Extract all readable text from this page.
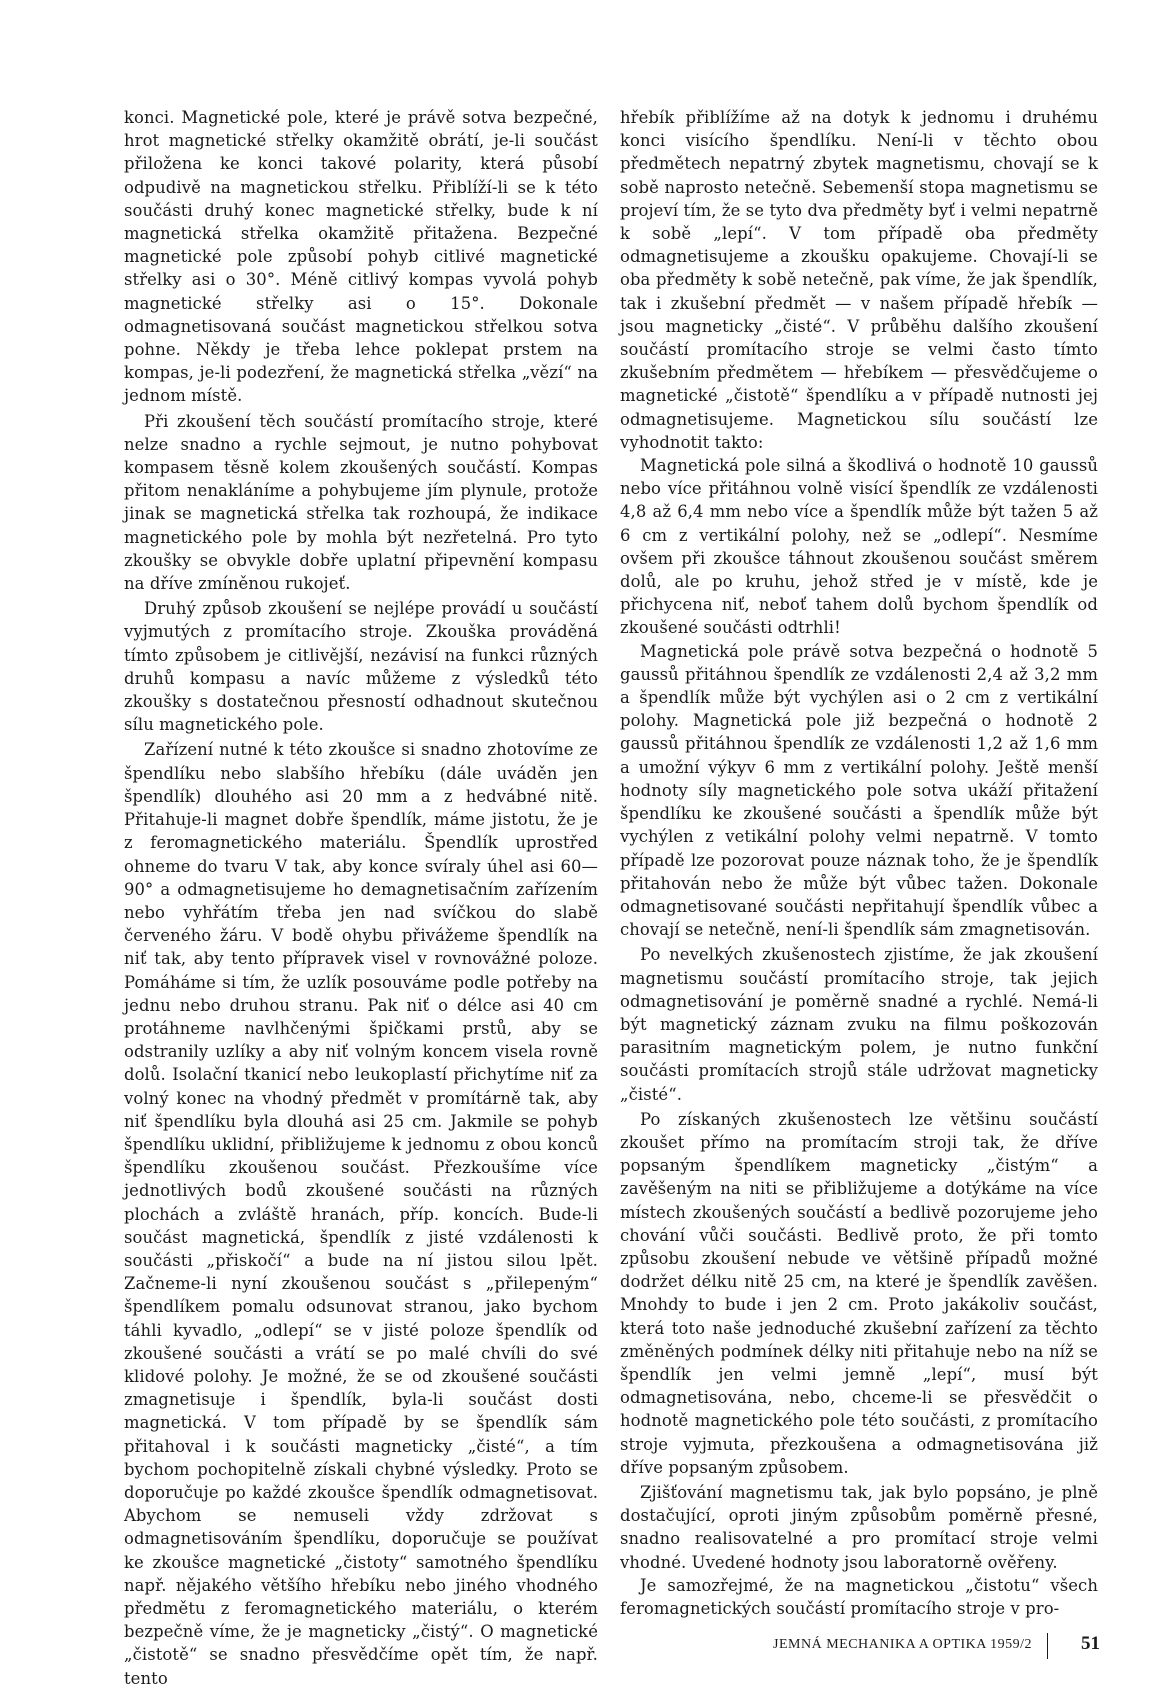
konci. Magnetické pole, které je právě sotva bezpečné, hrot magnetické střelky okamžitě obrátí, je-li součást přiložena ke konci takové polarity, která působí odpudivě na magnetickou střelku. Přiblíží-li se k této součásti druhý konec magnetické střelky, bude k ní magnetická střelka okamžitě přitažena. Bezpečné magnetické pole způsobí pohyb citlivé magnetické střelky asi o 30°. Méně citlivý kompas vyvolá pohyb magnetické střelky asi o 15°. Dokonale odmagnetisovaná součást magnetickou střelkou sotva pohne. Někdy je třeba lehce poklepat prstem na kompas, je-li podezření, že magnetická střelka „vězí“ na jednom místě.

Při zkoušení těch součástí promítacího stroje, které nelze snadno a rychle sejmout, je nutno pohybovat kompasem těsně kolem zkoušených součástí. Kompas přitom nenakláníme a pohybujeme jím plynule, protože jinak se magnetická střelka tak rozhoupá, že indikace magnetického pole by mohla být nezřetelná. Pro tyto zkoušky se obvykle dobře uplatní připevnění kompasu na dříve zmíněnou rukojeť.

Druhý způsob zkoušení se nejlépe provádí u součástí vyjmutých z promítacího stroje. Zkouška prováděná tímto způsobem je citlivější, nezávisí na funkci různých druhů kompasu a navíc můžeme z výsledků této zkoušky s dostatečnou přesností odhadnout skutečnou sílu magnetického pole.

Zařízení nutné k této zkoušce si snadno zhotovíme ze špendlíku nebo slabšího hřebíku (dále uváděn jen špendlík) dlouhého asi 20 mm a z hedvábné nitě. Přitahuje-li magnet dobře špendlík, máme jistotu, že je z feromagnetického materiálu. Špendlík uprostřed ohneme do tvaru V tak, aby konce svíraly úhel asi 60—90° a odmagnetisujeme ho demagnetisačním zařízením nebo vyhřátím třeba jen nad svíčkou do slabě červeného žáru. V bodě ohybu přivážeme špendlík na niť tak, aby tento přípravek visel v rovnovážné poloze. Pomáháme si tím, že uzlík posouváme podle potřeby na jednu nebo druhou stranu. Pak niť o délce asi 40 cm protáhneme navlhčenými špičkami prstů, aby se odstranily uzlíky a aby niť volným koncem visela rovně dolů. Isolační tkanicí nebo leukoplastí přichytíme niť za volný konec na vhodný předmět v promítárně tak, aby niť špendlíku byla dlouhá asi 25 cm. Jakmile se pohyb špendlíku uklidní, přibližujeme k jednomu z obou konců špendlíku zkoušenou součást. Přezkoušíme více jednotlivých bodů zkoušené součásti na různých plochách a zvláště hranách, příp. koncích. Bude-li součást magnetická, špendlík z jisté vzdálenosti k součásti „přiskočí“ a bude na ní jistou silou lpět. Začneme-li nyní zkoušenou součást s „přilepeným“ špendlíkem pomalu odsunovat stranou, jako bychom táhli kyvadlo, „odlepí“ se v jisté poloze špendlík od zkoušené součásti a vrátí se po malé chvíli do své klidové polohy. Je možné, že se od zkoušené součásti zmagnetisuje i špendlík, byla-li součást dosti magnetická. V tom případě by se špendlík sám přitahoval i k součásti magneticky „čisté“, a tím bychom pochopitelně získali chybné výsledky. Proto se doporučuje po každé zkoušce špendlík odmagnetisovat. Abychom se nemuseli vždy zdržovat s odmagnetisováním špendlíku, doporučuje se používat ke zkoušce magnetické „čistoty“ samotného špendlíku např. nějakého většího hřebíku nebo jiného vhodného předmětu z feromagnetického materiálu, o kterém bezpečně víme, že je magneticky „čistý“. O magnetické „čistotě“ se snadno přesvědčíme opět tím, že např. tento

hřebík přiblížíme až na dotyk k jednomu i druhému konci visícího špendlíku. Není-li v těchto obou předmětech nepatrný zbytek magnetismu, chovají se k sobě naprosto netečně. Sebemenší stopa magnetismu se projeví tím, že se tyto dva předměty byť i velmi nepatrně k sobě „lepí“. V tom případě oba předměty odmagnetisujeme a zkoušku opakujeme. Chovají-li se oba předměty k sobě netečně, pak víme, že jak špendlík, tak i zkušební předmět — v našem případě hřebík — jsou magneticky „čisté“. V průběhu dalšího zkoušení součástí promítacího stroje se velmi často tímto zkušebním předmětem — hřebíkem — přesvědčujeme o magnetické „čistotě“ špendlíku a v případě nutnosti jej odmagnetisujeme. Magnetickou sílu součástí lze vyhodnotit takto:

Magnetická pole silná a škodlivá o hodnotě 10 gaussů nebo více přitáhnou volně visící špendlík ze vzdálenosti 4,8 až 6,4 mm nebo více a špendlík může být tažen 5 až 6 cm z vertikální polohy, než se „odlepí“. Nesmíme ovšem při zkoušce táhnout zkoušenou součást směrem dolů, ale po kruhu, jehož střed je v místě, kde je přichycena niť, neboť tahem dolů bychom špendlík od zkoušené součásti odtrhli!

Magnetická pole právě sotva bezpečná o hodnotě 5 gaussů přitáhnou špendlík ze vzdálenosti 2,4 až 3,2 mm a špendlík může být vychýlen asi o 2 cm z vertikální polohy. Magnetická pole již bezpečná o hodnotě 2 gaussů přitáhnou špendlík ze vzdálenosti 1,2 až 1,6 mm a umožní výkyv 6 mm z vertikální polohy. Ještě menší hodnoty síly magnetického pole sotva ukáží přitažení špendlíku ke zkoušené součásti a špendlík může být vychýlen z vetikální polohy velmi nepatrně. V tomto případě lze pozorovat pouze náznak toho, že je špendlík přitahován nebo že může být vůbec tažen. Dokonale odmagnetisované součásti nepřitahují špendlík vůbec a chovají se netečně, není-li špendlík sám zmagnetisován.

Po nevelkých zkušenostech zjistíme, že jak zkoušení magnetismu součástí promítacího stroje, tak jejich odmagnetisování je poměrně snadné a rychlé. Nemá-li být magnetický záznam zvuku na filmu poškozován parasitním magnetickým polem, je nutno funkční součásti promítacích strojů stále udržovat magneticky „čisté“.

Po získaných zkušenostech lze většinu součástí zkoušet přímo na promítacím stroji tak, že dříve popsaným špendlíkem magneticky „čistým“ a zavěšeným na niti se přibližujeme a dotýkáme na více místech zkoušených součástí a bedlivě pozorujeme jeho chování vůči součásti. Bedlivě proto, že při tomto způsobu zkoušení nebude ve většině případů možné dodržet délku nitě 25 cm, na které je špendlík zavěšen. Mnohdy to bude i jen 2 cm. Proto jakákoliv součást, která toto naše jednoduché zkušební zařízení za těchto změněných podmínek délky niti přitahuje nebo na níž se špendlík jen velmi jemně „lepí“, musí být odmagnetisována, nebo, chceme-li se přesvědčit o hodnotě magnetického pole této součásti, z promítacího stroje vyjmuta, přezkoušena a odmagnetisována již dříve popsaným způsobem.

Zjišťování magnetismu tak, jak bylo popsáno, je plně dostačující, oproti jiným způsobům poměrně přesné, snadno realisovatelné a pro promítací stroje velmi vhodné. Uvedené hodnoty jsou laboratorně ověřeny.

Je samozřejmé, že na magnetickou „čistotu“ všech feromagnetických součástí promítacího stroje v pro-

JEMNÁ MECHANIKA A OPTIKA 1959/2	51
